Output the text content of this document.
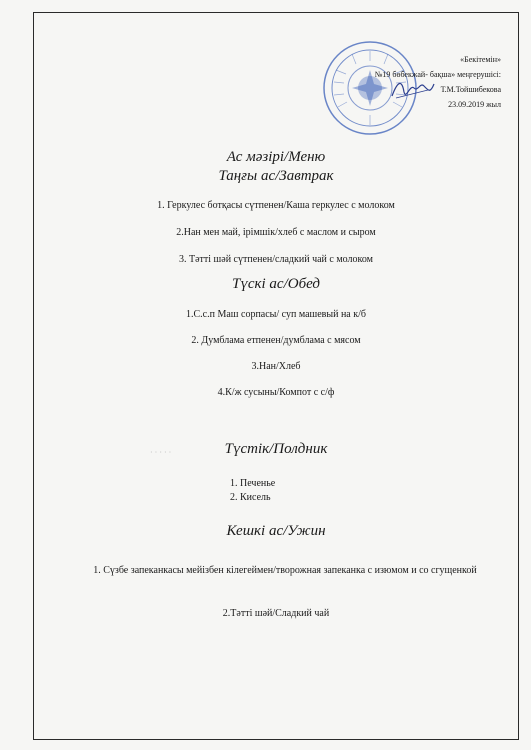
· · · · ·
«Бекітемін»
№19 бөбекжай- бақша» меңгерушісі:
Т.М.Тойшибекова
23.09.2019 жыл
Ас мәзірі/Меню
Таңғы ас/Завтрак
1. Геркулес ботқасы сүтпенен/Каша геркулес с молоком
2.Нан мен май, ірімшік/хлеб с маслом и сыром
3. Тәтті шәй сүтпенен/сладкий чай с молоком
Түскі ас/Обед
1.С.с.п Маш сорпасы/ суп машевый на к/б
2. Думблама етпенен/думблама с мясом
3.Нан/Хлеб
4.К/ж сусыны/Компот с с/ф
Түстік/Полдник
1. Печенье
2. Кисель
Кешкі ас/Ужин
1. Сүзбе запеканкасы мейізбен кілегеймен/творожная запеканка с изюмом и со сгущенкой
2.Тәтті шәй/Сладкий чай
